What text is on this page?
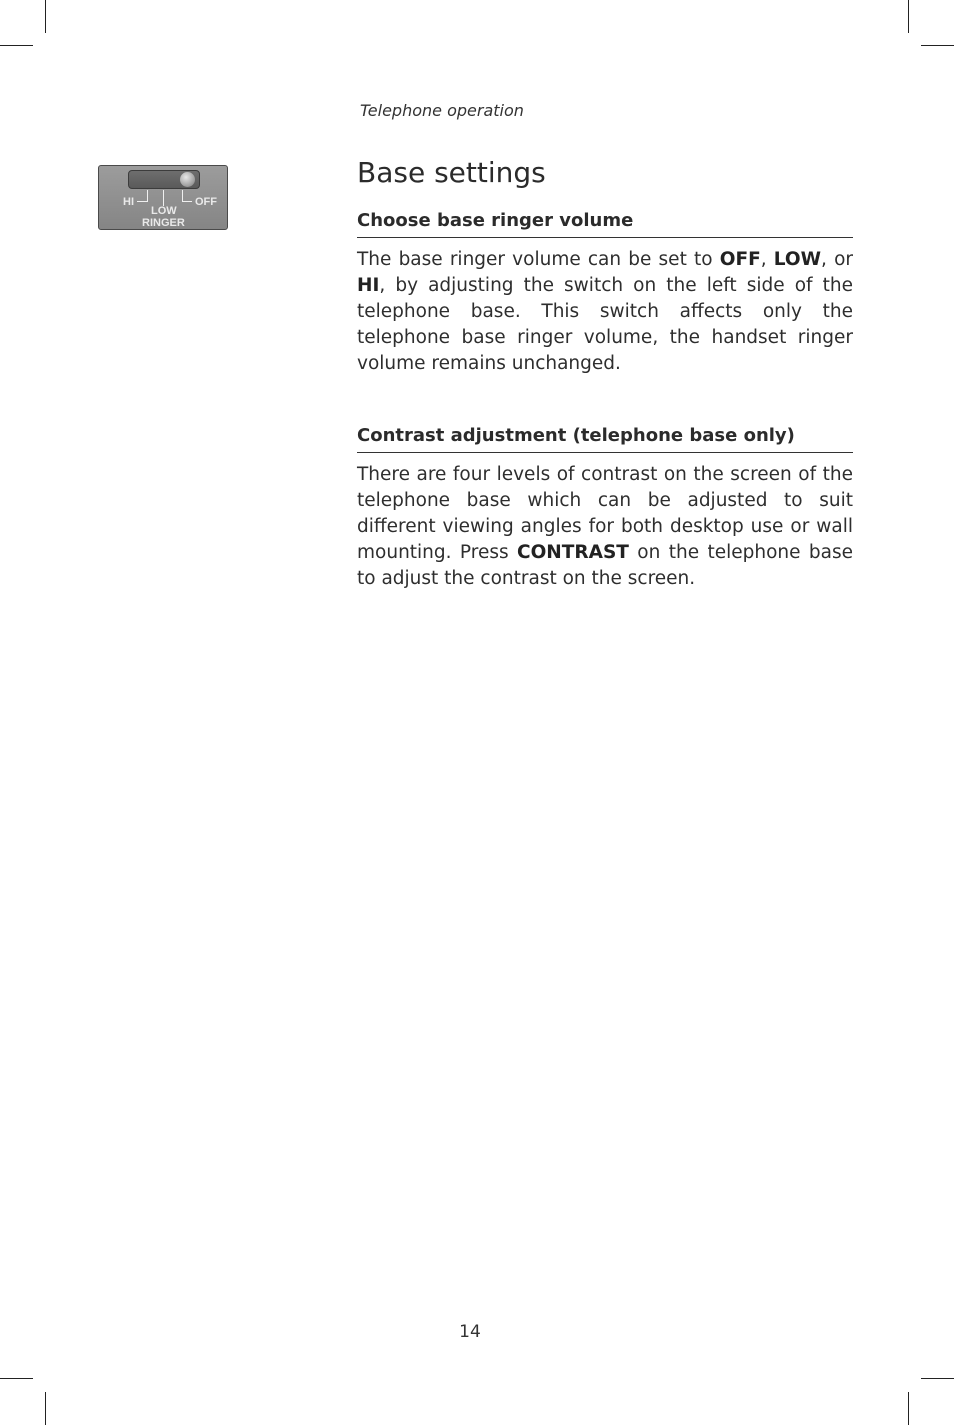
Telephone operation
HI
LOW
OFF
RINGER
Base settings
Choose base ringer volume

The base ringer volume can be set to OFF, LOW, or HI, by adjusting the switch on the left side of the telephone base. This switch affects only the telephone base ringer volume, the handset ringer volume remains unchanged.

Contrast adjustment (telephone base only)

There are four levels of contrast on the screen of the telephone base which can be adjusted to suit different viewing angles for both desktop use or wall mounting. Press CONTRAST on the telephone base to adjust the contrast on the screen.

14
